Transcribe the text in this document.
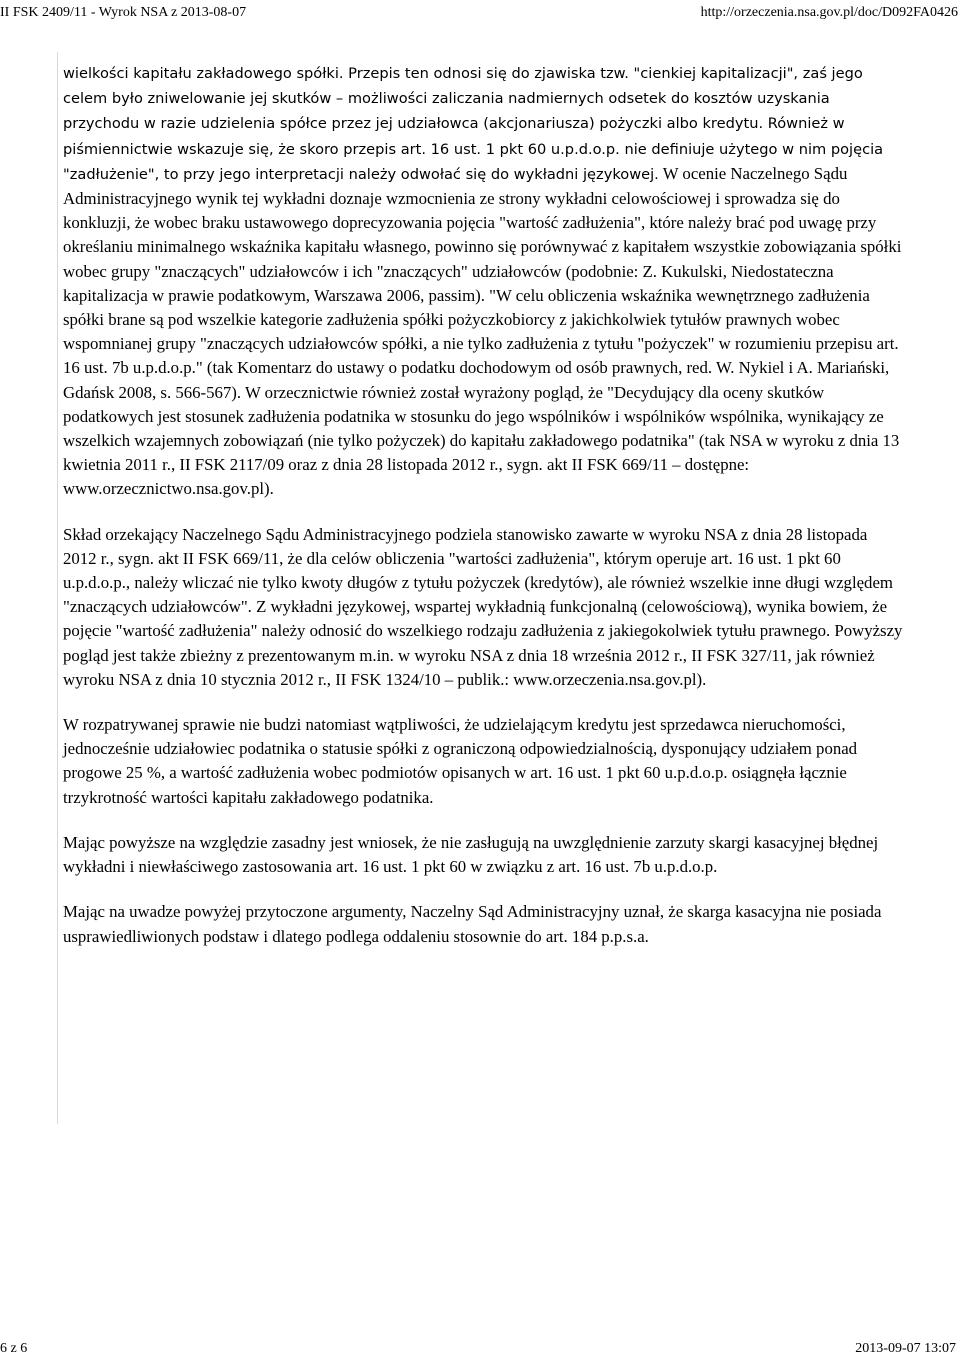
II FSK 2409/11 - Wyrok NSA z 2013-08-07	http://orzeczenia.nsa.gov.pl/doc/D092FA0426

wielkości kapitału zakładowego spółki. Przepis ten odnosi się do zjawiska tzw. "cienkiej kapitalizacji", zaś jego celem było zniwelowanie jej skutków – możliwości zaliczania nadmiernych odsetek do kosztów uzyskania przychodu w razie udzielenia spółce przez jej udziałowca (akcjonariusza) pożyczki albo kredytu. Również w piśmiennictwie wskazuje się, że skoro przepis art. 16 ust. 1 pkt 60 u.p.d.o.p. nie definiuje użytego w nim pojęcia "zadłużenie", to przy jego interpretacji należy odwołać się do wykładni językowej. W ocenie Naczelnego Sądu Administracyjnego wynik tej wykładni doznaje wzmocnienia ze strony wykładni celowościowej i sprowadza się do konkluzji, że wobec braku ustawowego doprecyzowania pojęcia "wartość zadłużenia", które należy brać pod uwagę przy określaniu minimalnego wskaźnika kapitału własnego, powinno się porównywać z kapitałem wszystkie zobowiązania spółki wobec grupy "znaczących" udziałowców i ich "znaczących" udziałowców (podobnie: Z. Kukulski, Niedostateczna kapitalizacja w prawie podatkowym, Warszawa 2006, passim). "W celu obliczenia wskaźnika wewnętrznego zadłużenia spółki brane są pod wszelkie kategorie zadłużenia spółki pożyczkobiorcy z jakichkolwiek tytułów prawnych wobec wspomnianej grupy "znaczących udziałowców spółki, a nie tylko zadłużenia z tytułu "pożyczek" w rozumieniu przepisu art. 16 ust. 7b u.p.d.o.p." (tak Komentarz do ustawy o podatku dochodowym od osób prawnych, red. W. Nykiel i A. Mariański, Gdańsk 2008, s. 566-567). W orzecznictwie również został wyrażony pogląd, że "Decydujący dla oceny skutków podatkowych jest stosunek zadłużenia podatnika w stosunku do jego wspólników i wspólników wspólnika, wynikający ze wszelkich wzajemnych zobowiązań (nie tylko pożyczek) do kapitału zakładowego podatnika" (tak NSA w wyroku z dnia 13 kwietnia 2011 r., II FSK 2117/09 oraz z dnia 28 listopada 2012 r., sygn. akt II FSK 669/11 – dostępne: www.orzecznictwo.nsa.gov.pl).

Skład orzekający Naczelnego Sądu Administracyjnego podziela stanowisko zawarte w wyroku NSA z dnia 28 listopada 2012 r., sygn. akt II FSK 669/11, że dla celów obliczenia "wartości zadłużenia", którym operuje art. 16 ust. 1 pkt 60 u.p.d.o.p., należy wliczać nie tylko kwoty długów z tytułu pożyczek (kredytów), ale również wszelkie inne długi względem "znaczących udziałowców". Z wykładni językowej, wspartej wykładnią funkcjonalną (celowościową), wynika bowiem, że pojęcie "wartość zadłużenia" należy odnosić do wszelkiego rodzaju zadłużenia z jakiegokolwiek tytułu prawnego. Powyższy pogląd jest także zbieżny z prezentowanym m.in. w wyroku NSA z dnia 18 września 2012 r., II FSK 327/11, jak również wyroku NSA z dnia 10 stycznia 2012 r., II FSK 1324/10 – publik.: www.orzeczenia.nsa.gov.pl).

W rozpatrywanej sprawie nie budzi natomiast wątpliwości, że udzielającym kredytu jest sprzedawca nieruchomości, jednocześnie udziałowiec podatnika o statusie spółki z ograniczoną odpowiedzialnością, dysponujący udziałem ponad progowe 25 %, a wartość zadłużenia wobec podmiotów opisanych w art. 16 ust. 1 pkt 60 u.p.d.o.p. osiągnęła łącznie trzykrotność wartości kapitału zakładowego podatnika.

Mając powyższe na względzie zasadny jest wniosek, że nie zasługują na uwzględnienie zarzuty skargi kasacyjnej błędnej wykładni i niewłaściwego zastosowania art. 16 ust. 1 pkt 60 w związku z art. 16 ust. 7b u.p.d.o.p.

Mając na uwadze powyżej przytoczone argumenty, Naczelny Sąd Administracyjny uznał, że skarga kasacyjna nie posiada usprawiedliwionych podstaw i dlatego podlega oddaleniu stosownie do art. 184 p.p.s.a.

6 z 6	2013-09-07 13:07
